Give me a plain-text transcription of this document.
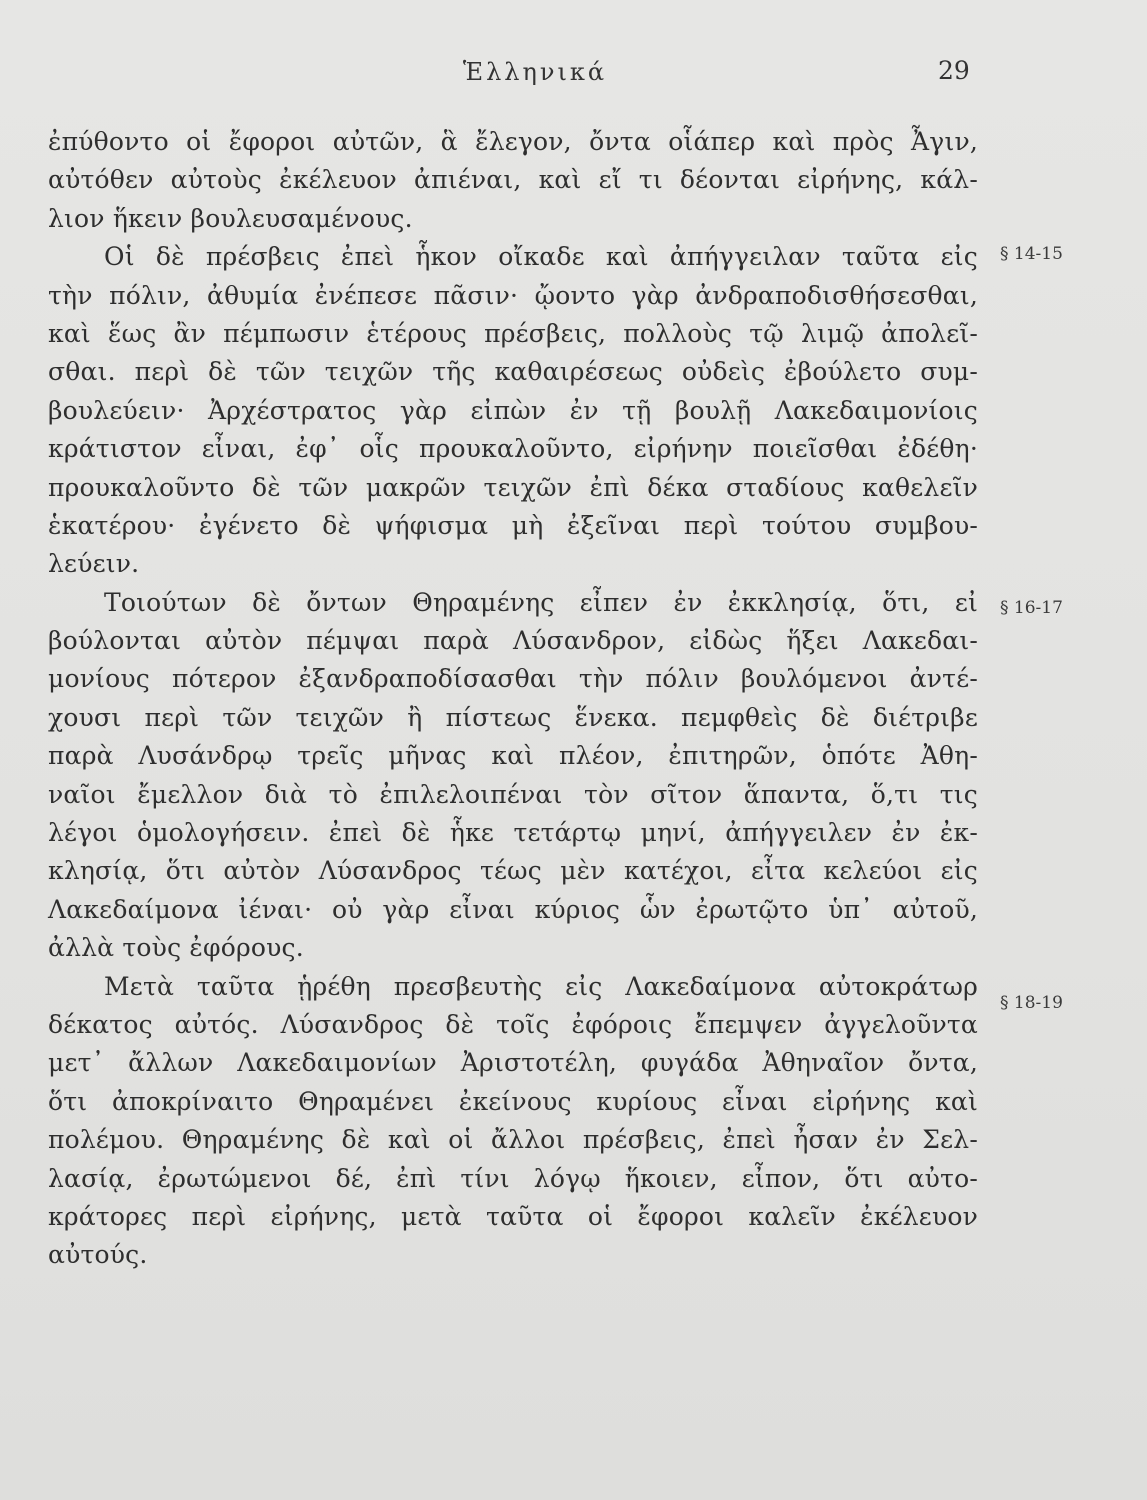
Ἑλληνικά	29
§ 14-15
§ 16-17
§ 18-19
ἐπύθοντο οἱ ἔφοροι αὐτῶν, ἃ ἔλεγον, ὄντα οἷάπερ καὶ πρὸς Ἆγιν,
αὐτόθεν αὐτοὺς ἐκέλευον ἀπιέναι, καὶ εἴ τι δέονται εἰρήνης, κάλ-
λιον ἥκειν βουλευσαμένους.
Οἱ δὲ πρέσβεις ἐπεὶ ἧκον οἴκαδε καὶ ἀπήγγειλαν ταῦτα εἰς
τὴν πόλιν, ἀθυμία ἐνέπεσε πᾶσιν· ᾤοντο γὰρ ἀνδραποδισθήσεσθαι,
καὶ ἕως ἂν πέμπωσιν ἑτέρους πρέσβεις, πολλοὺς τῷ λιμῷ ἀπολεῖ-
σθαι. περὶ δὲ τῶν τειχῶν τῆς καθαιρέσεως οὐδεὶς ἐβούλετο συμ-
βουλεύειν· Ἀρχέστρατος γὰρ εἰπὼν ἐν τῇ βουλῇ Λακεδαιμονίοις
κράτιστον εἶναι, ἐφ᾽ οἷς προυκαλοῦντο, εἰρήνην ποιεῖσθαι ἐδέθη·
προυκαλοῦντο δὲ τῶν μακρῶν τειχῶν ἐπὶ δέκα σταδίους καθελεῖν
ἑκατέρου· ἐγένετο δὲ ψήφισμα μὴ ἐξεῖναι περὶ τούτου συμβου-
λεύειν.
Τοιούτων δὲ ὄντων Θηραμένης εἶπεν ἐν ἐκκλησίᾳ, ὅτι, εἰ
βούλονται αὐτὸν πέμψαι παρὰ Λύσανδρον, εἰδὼς ἥξει Λακεδαι-
μονίους πότερον ἐξανδραποδίσασθαι τὴν πόλιν βουλόμενοι ἀντέ-
χουσι περὶ τῶν τειχῶν ἢ πίστεως ἕνεκα. πεμφθεὶς δὲ διέτριβε
παρὰ Λυσάνδρῳ τρεῖς μῆνας καὶ πλέον, ἐπιτηρῶν, ὁπότε Ἀθη-
ναῖοι ἔμελλον διὰ τὸ ἐπιλελοιπέναι τὸν σῖτον ἅπαντα, ὅ,τι τις
λέγοι ὁμολογήσειν. ἐπεὶ δὲ ἧκε τετάρτῳ μηνί, ἀπήγγειλεν ἐν ἐκ-
κλησίᾳ, ὅτι αὐτὸν Λύσανδρος τέως μὲν κατέχοι, εἶτα κελεύοι εἰς
Λακεδαίμονα ἰέναι· οὐ γὰρ εἶναι κύριος ὧν ἐρωτῷτο ὑπ᾽ αὐτοῦ,
ἀλλὰ τοὺς ἐφόρους.
Μετὰ ταῦτα ᾑρέθη πρεσβευτὴς εἰς Λακεδαίμονα αὐτοκράτωρ
δέκατος αὐτός. Λύσανδρος δὲ τοῖς ἐφόροις ἔπεμψεν ἀγγελοῦντα
μετ᾽ ἄλλων Λακεδαιμονίων Ἀριστοτέλη, φυγάδα Ἀθηναῖον ὄντα,
ὅτι ἀποκρίναιτο Θηραμένει ἐκείνους κυρίους εἶναι εἰρήνης καὶ
πολέμου. Θηραμένης δὲ καὶ οἱ ἄλλοι πρέσβεις, ἐπεὶ ἦσαν ἐν Σελ-
λασίᾳ, ἐρωτώμενοι δέ, ἐπὶ τίνι λόγῳ ἥκοιεν, εἶπον, ὅτι αὐτο-
κράτορες περὶ εἰρήνης, μετὰ ταῦτα οἱ ἔφοροι καλεῖν ἐκέλευον
αὐτούς.
